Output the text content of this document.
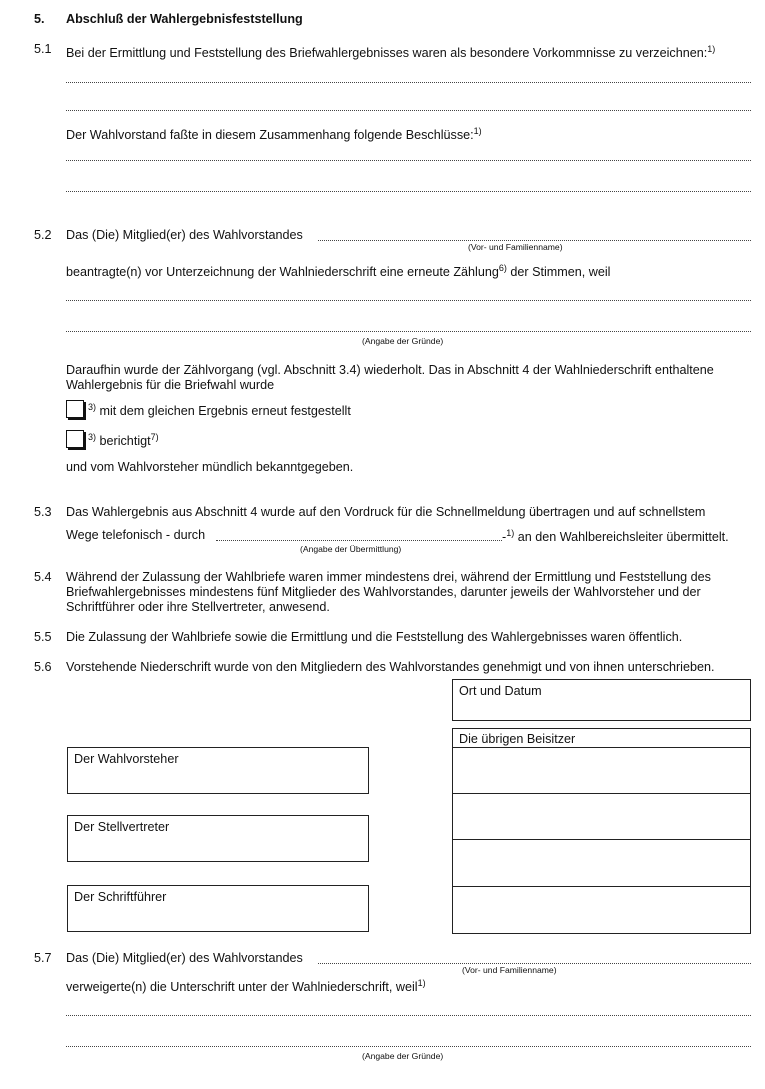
5. Abschluß der Wahlergebnisfeststellung
5.1 Bei der Ermittlung und Feststellung des Briefwahlergebnisses waren als besondere Vorkommnisse zu verzeichnen:$^{1)}$
Der Wahlvorstand faßte in diesem Zusammenhang folgende Beschlüsse:$^{1)}$
5.2 Das (Die) Mitglied(er) des Wahlvorstandes
(Vor- und Familienname)
beantragte(n) vor Unterzeichnung der Wahlniederschrift eine erneute Zählung$^{6)}$ der Stimmen, weil
(Angabe der Gründe)
Daraufhin wurde der Zählvorgang (vgl. Abschnitt 3.4) wiederholt. Das in Abschnitt 4 der Wahlniederschrift enthaltene Wahlergebnis für die Briefwahl wurde
$^{3)}$ mit dem gleichen Ergebnis erneut festgestellt
$^{3)}$ berichtigt$^{7)}$
und vom Wahlvorsteher mündlich bekanntgegeben.
5.3 Das Wahlergebnis aus Abschnitt 4 wurde auf den Vordruck für die Schnellmeldung übertragen und auf schnellstem
Wege telefonisch - durch	-$^{1)}$ an den Wahlbereichsleiter übermittelt.
(Angabe der Übermittlung)
5.4 Während der Zulassung der Wahlbriefe waren immer mindestens drei, während der Ermittlung und Feststellung des Briefwahlergebnisses mindestens fünf Mitglieder des Wahlvorstandes, darunter jeweils der Wahlvorsteher und der Schriftführer oder ihre Stellvertreter, anwesend.
5.5 Die Zulassung der Wahlbriefe sowie die Ermittlung und die Feststellung des Wahlergebnisses waren öffentlich.
5.6 Vorstehende Niederschrift wurde von den Mitgliedern des Wahlvorstandes genehmigt und von ihnen unterschrieben.
Ort und Datum
Die übrigen Beisitzer
Der Wahlvorsteher
Der Stellvertreter
Der Schriftführer
5.7 Das (Die) Mitglied(er) des Wahlvorstandes
(Vor- und Familienname)
verweigerte(n) die Unterschrift unter der Wahlniederschrift, weil$^{1)}$
(Angabe der Gründe)
